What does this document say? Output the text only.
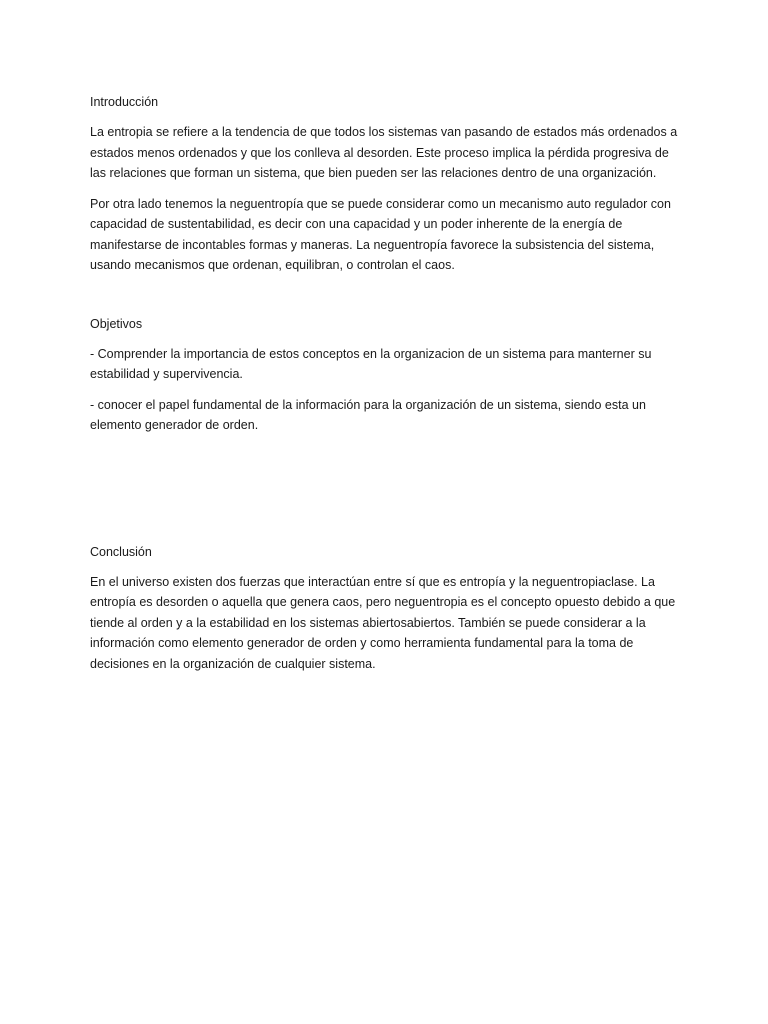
Introducción

La entropia se refiere a la tendencia de que todos los sistemas van pasando de estados más ordenados a estados menos ordenados y que los conlleva al desorden. Este proceso implica la pérdida progresiva de las relaciones que forman un sistema, que bien pueden ser las relaciones dentro de una organización.

Por otra lado tenemos la neguentropía que se puede considerar como un mecanismo auto regulador con capacidad de sustentabilidad, es decir con una capacidad y un poder inherente de la energía de manifestarse de incontables formas y maneras. La neguentropía favorece la subsistencia del sistema, usando mecanismos que ordenan, equilibran, o controlan el caos.

Objetivos

- Comprender la importancia de estos conceptos en la organizacion de un sistema para manterner su estabilidad y supervivencia.

- conocer el papel fundamental de la información para la organización de un sistema, siendo esta un elemento generador de orden.

Conclusión

En el universo existen dos fuerzas que interactúan entre sí que es entropía y la neguentropiaclase. La entropía es desorden o aquella que genera caos, pero neguentropia es el concepto opuesto debido a que tiende al orden y a la estabilidad en los sistemas abiertosabiertos. También se puede considerar a la información como elemento generador de orden y como herramienta fundamental para la toma de decisiones en la organización de cualquier sistema.
